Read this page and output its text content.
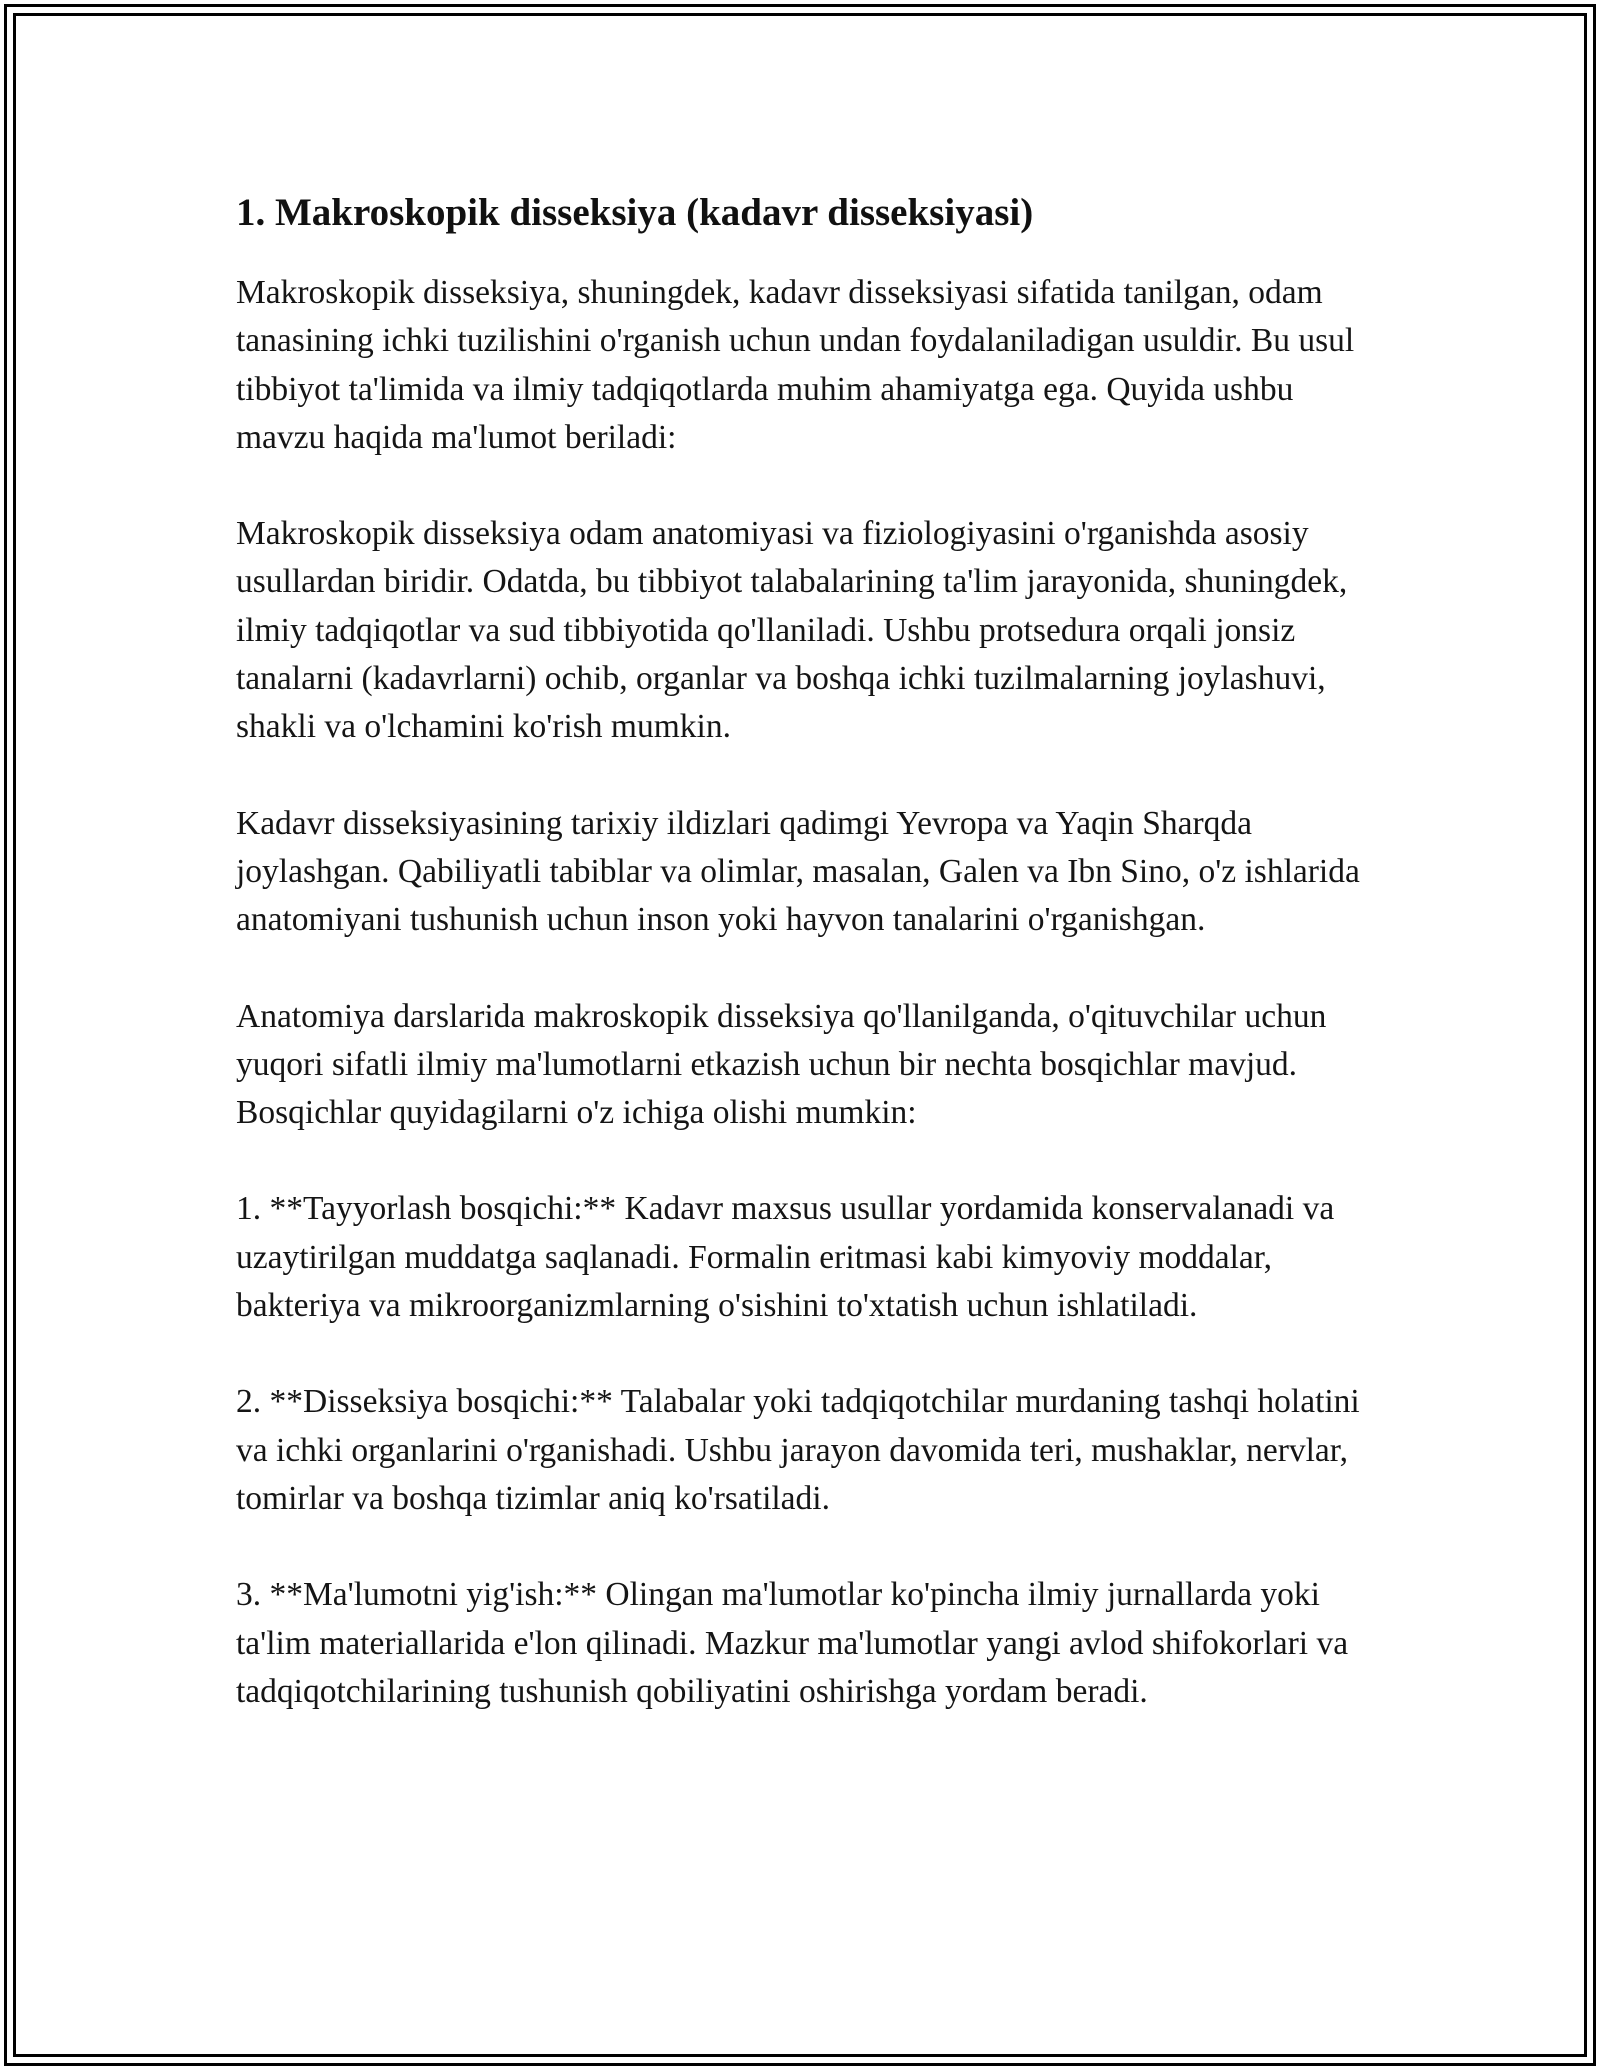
1. Makroskopik disseksiya (kadavr disseksiyasi)

Makroskopik disseksiya, shuningdek, kadavr disseksiyasi sifatida tanilgan, odam tanasining ichki tuzilishini o'rganish uchun undan foydalaniladigan usuldir. Bu usul tibbiyot ta'limida va ilmiy tadqiqotlarda muhim ahamiyatga ega. Quyida ushbu mavzu haqida ma'lumot beriladi:

Makroskopik disseksiya odam anatomiyasi va fiziologiyasini o'rganishda asosiy usullardan biridir. Odatda, bu tibbiyot talabalarining ta'lim jarayonida, shuningdek, ilmiy tadqiqotlar va sud tibbiyotida qo'llaniladi. Ushbu protsedura orqali jonsiz tanalarni (kadavrlarni) ochib, organlar va boshqa ichki tuzilmalarning joylashuvi, shakli va o'lchamini ko'rish mumkin.

Kadavr disseksiyasining tarixiy ildizlari qadimgi Yevropa va Yaqin Sharqda joylashgan. Qabiliyatli tabiblar va olimlar, masalan, Galen va Ibn Sino, o'z ishlarida anatomiyani tushunish uchun inson yoki hayvon tanalarini o'rganishgan.

Anatomiya darslarida makroskopik disseksiya qo'llanilganda, o'qituvchilar uchun yuqori sifatli ilmiy ma'lumotlarni etkazish uchun bir nechta bosqichlar mavjud. Bosqichlar quyidagilarni o'z ichiga olishi mumkin:

1. **Tayyorlash bosqichi:** Kadavr maxsus usullar yordamida konservalanadi va uzaytirilgan muddatga saqlanadi. Formalin eritmasi kabi kimyoviy moddalar, bakteriya va mikroorganizmlarning o'sishini to'xtatish uchun ishlatiladi.

2. **Disseksiya bosqichi:** Talabalar yoki tadqiqotchilar murdaning tashqi holatini va ichki organlarini o'rganishadi. Ushbu jarayon davomida teri, mushaklar, nervlar, tomirlar va boshqa tizimlar aniq ko'rsatiladi.

3. **Ma'lumotni yig'ish:** Olingan ma'lumotlar ko'pincha ilmiy jurnallarda yoki ta'lim materiallarida e'lon qilinadi. Mazkur ma'lumotlar yangi avlod shifokorlari va tadqiqotchilarining tushunish qobiliyatini oshirishga yordam beradi.
